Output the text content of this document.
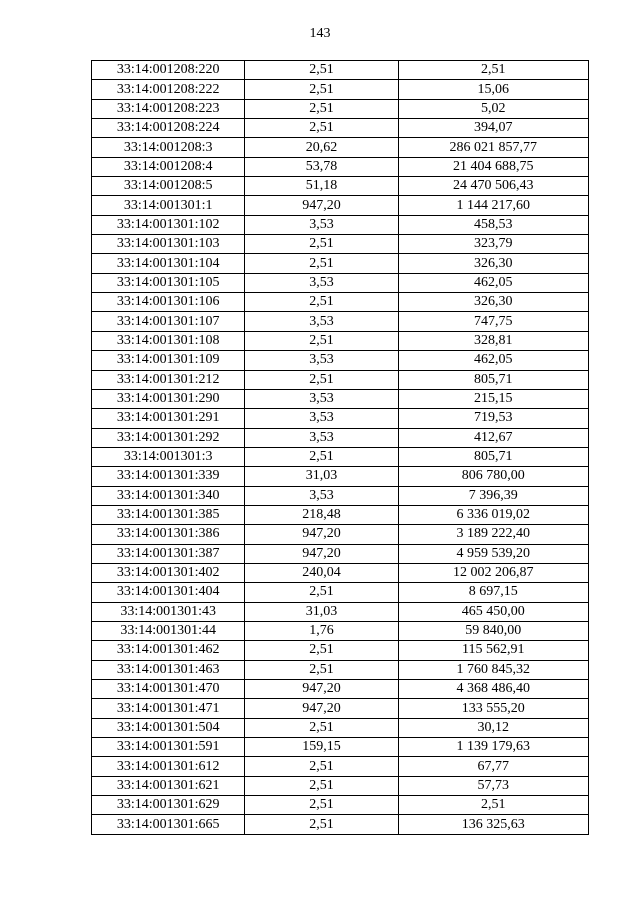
143
33:14:001208:220	2,51	2,51
33:14:001208:222	2,51	15,06
33:14:001208:223	2,51	5,02
33:14:001208:224	2,51	394,07
33:14:001208:3	20,62	286 021 857,77
33:14:001208:4	53,78	21 404 688,75
33:14:001208:5	51,18	24 470 506,43
33:14:001301:1	947,20	1 144 217,60
33:14:001301:102	3,53	458,53
33:14:001301:103	2,51	323,79
33:14:001301:104	2,51	326,30
33:14:001301:105	3,53	462,05
33:14:001301:106	2,51	326,30
33:14:001301:107	3,53	747,75
33:14:001301:108	2,51	328,81
33:14:001301:109	3,53	462,05
33:14:001301:212	2,51	805,71
33:14:001301:290	3,53	215,15
33:14:001301:291	3,53	719,53
33:14:001301:292	3,53	412,67
33:14:001301:3	2,51	805,71
33:14:001301:339	31,03	806 780,00
33:14:001301:340	3,53	7 396,39
33:14:001301:385	218,48	6 336 019,02
33:14:001301:386	947,20	3 189 222,40
33:14:001301:387	947,20	4 959 539,20
33:14:001301:402	240,04	12 002 206,87
33:14:001301:404	2,51	8 697,15
33:14:001301:43	31,03	465 450,00
33:14:001301:44	1,76	59 840,00
33:14:001301:462	2,51	115 562,91
33:14:001301:463	2,51	1 760 845,32
33:14:001301:470	947,20	4 368 486,40
33:14:001301:471	947,20	133 555,20
33:14:001301:504	2,51	30,12
33:14:001301:591	159,15	1 139 179,63
33:14:001301:612	2,51	67,77
33:14:001301:621	2,51	57,73
33:14:001301:629	2,51	2,51
33:14:001301:665	2,51	136 325,63
